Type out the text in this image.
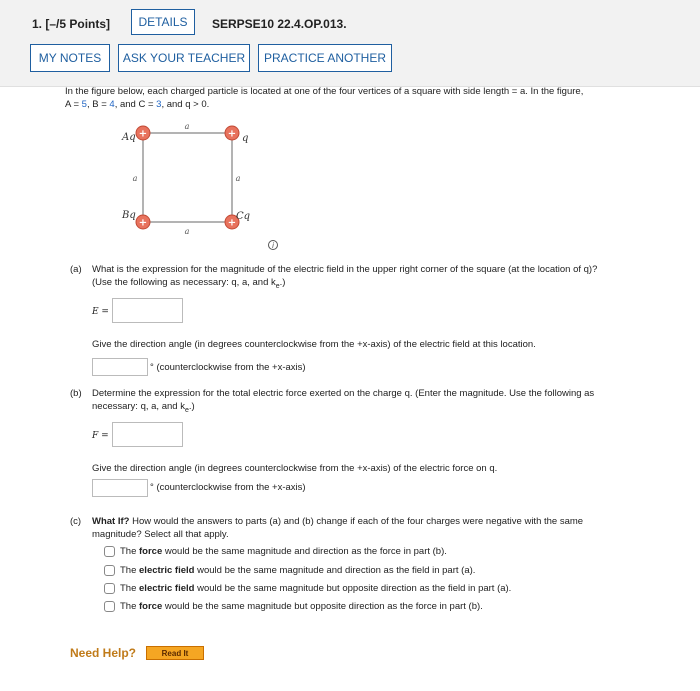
1. [–/5 Points]	DETAILS	SERPSE10 22.4.OP.013.
MY NOTES	ASK YOUR TEACHER	PRACTICE ANOTHER
In the figure below, each charged particle is located at one of the four vertices of a square with side length = a. In the figure,
A = 5, B = 4, and C = 3, and q > 0.
+	+
+	+
Aq	q
Bq	Cq
a
a
a	a
i
(a) What is the expression for the magnitude of the electric field in the upper right corner of the square (at the location of q)?
(Use the following as necessary: q, a, and $k_e$.)
E =
Give the direction angle (in degrees counterclockwise from the +x-axis) of the electric field at this location.
° (counterclockwise from the +x-axis)
(b) Determine the expression for the total electric force exerted on the charge q. (Enter the magnitude. Use the following as
necessary: q, a, and $k_e$.)
F =
Give the direction angle (in degrees counterclockwise from the +x-axis) of the electric force on q.
° (counterclockwise from the +x-axis)
(c) What If? How would the answers to parts (a) and (b) change if each of the four charges were negative with the same
magnitude? Select all that apply.
The force would be the same magnitude and direction as the force in part (b).
The electric field would be the same magnitude and direction as the field in part (a).
The electric field would be the same magnitude but opposite direction as the field in part (a).
The force would be the same magnitude but opposite direction as the force in part (b).
Need Help?	Read It
